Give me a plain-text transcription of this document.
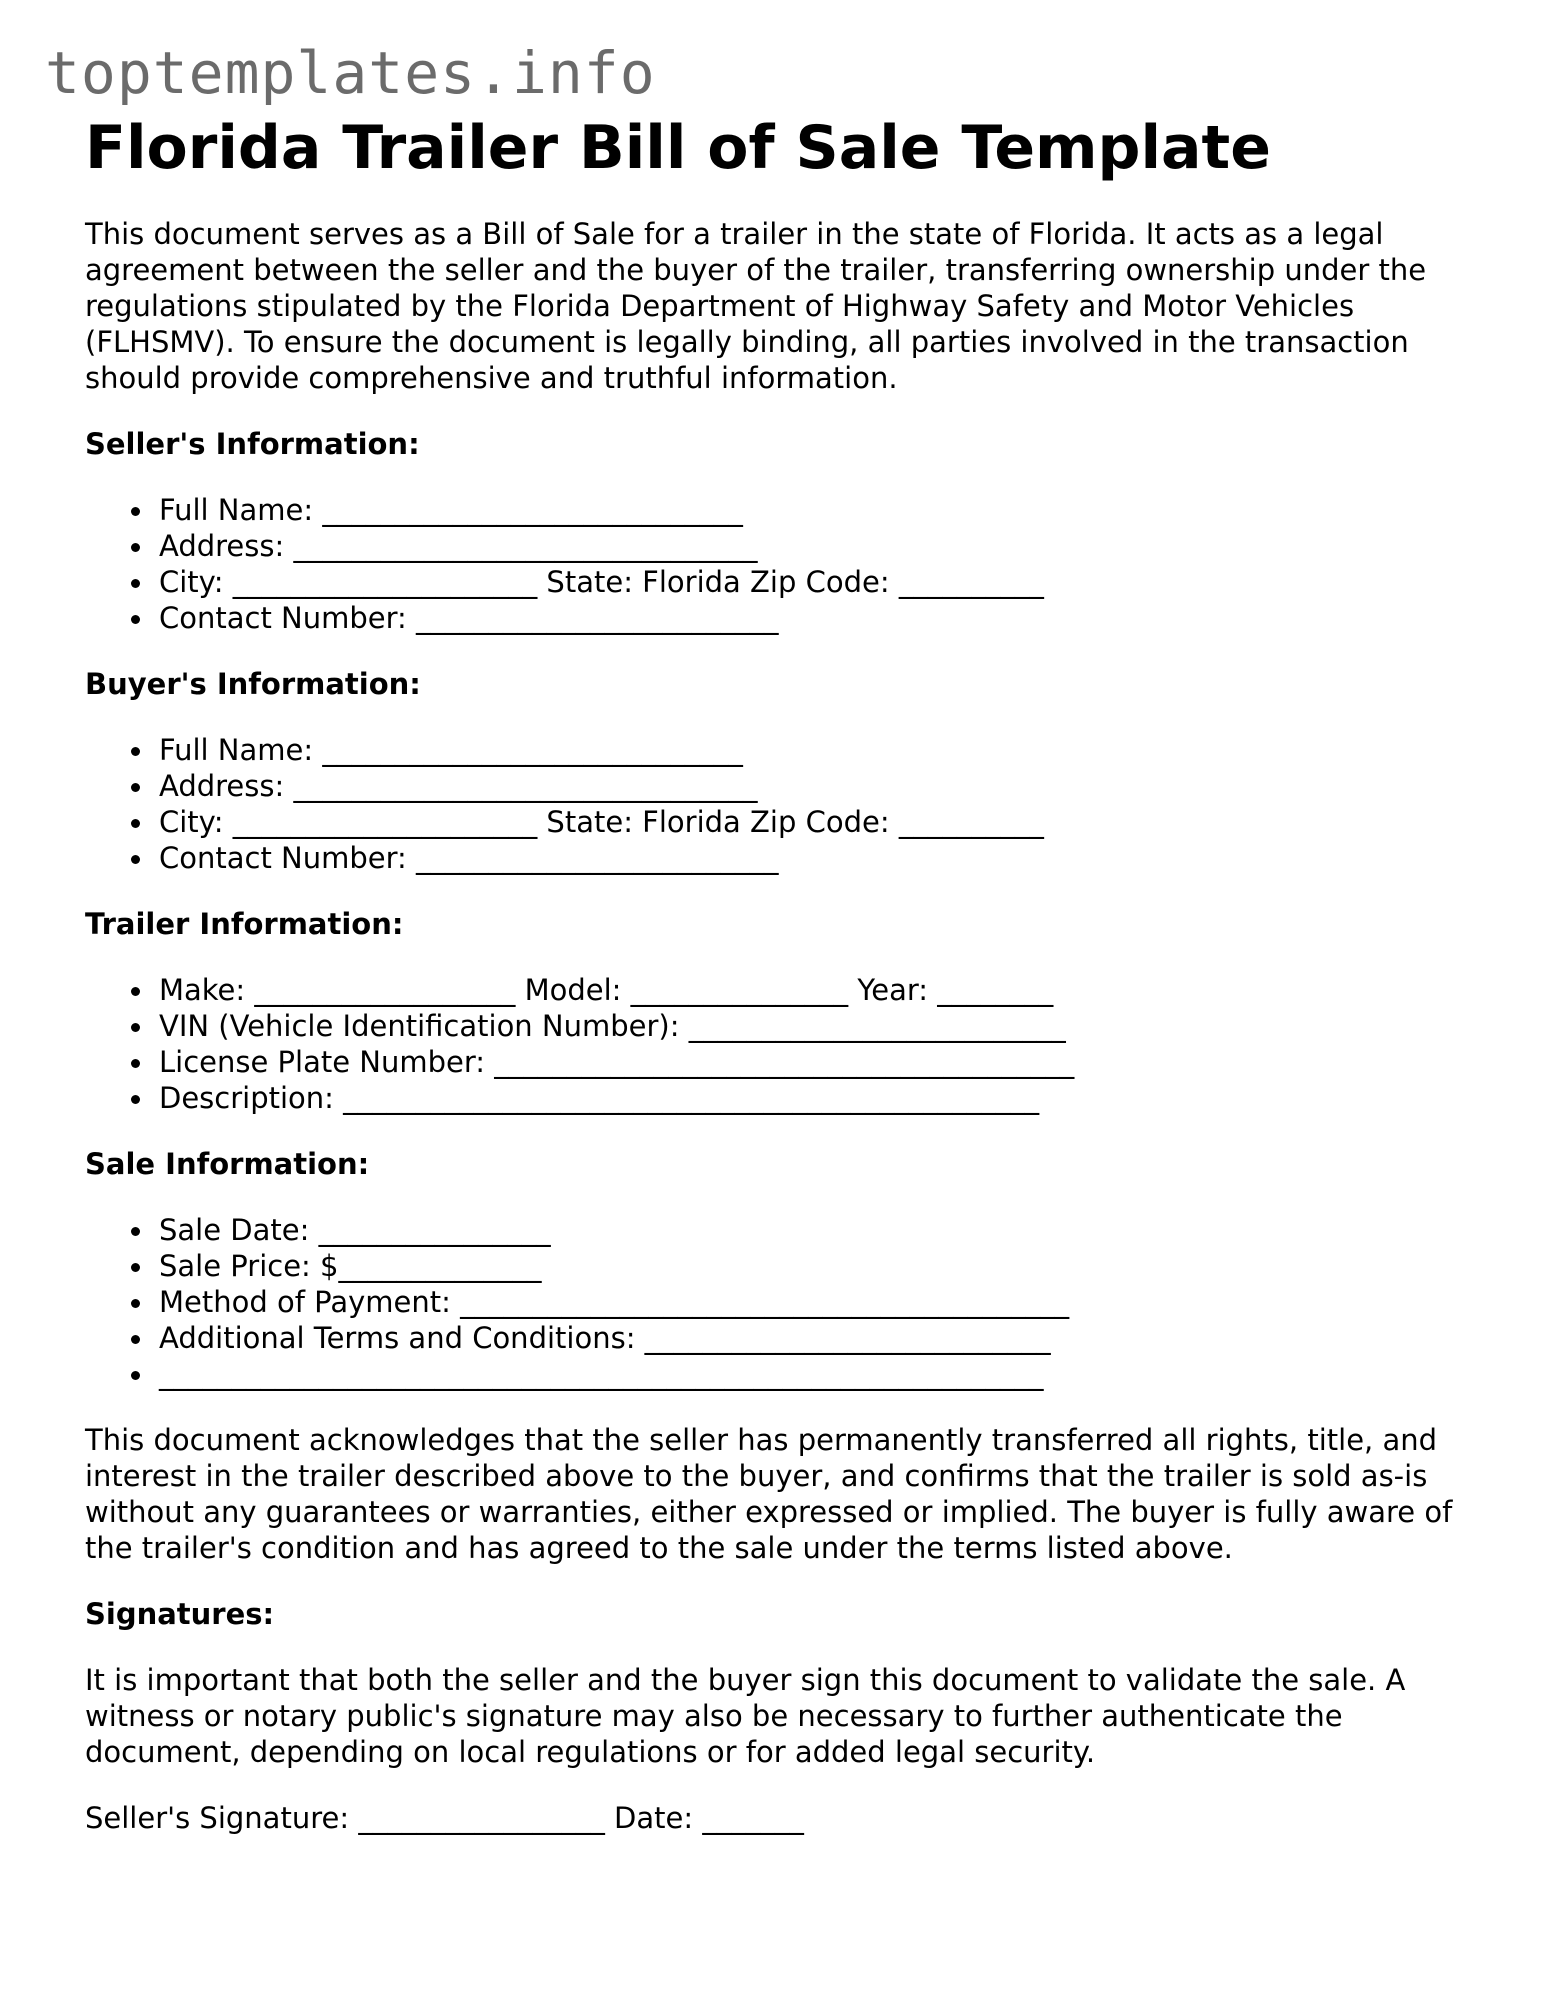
toptemplates.info
Florida Trailer Bill of Sale Template

This document serves as a Bill of Sale for a trailer in the state of Florida. It acts as a legal agreement between the seller and the buyer of the trailer, transferring ownership under the regulations stipulated by the Florida Department of Highway Safety and Motor Vehicles (FLHSMV). To ensure the document is legally binding, all parties involved in the transaction should provide comprehensive and truthful information.

Seller's Information:
Full Name: _____________________________
Address: ________________________________
City: _____________________ State: Florida Zip Code: __________
Contact Number: _________________________
Buyer's Information:
Full Name: _____________________________
Address: ________________________________
City: _____________________ State: Florida Zip Code: __________
Contact Number: _________________________
Trailer Information:
Make: __________________ Model: _______________ Year: ________
VIN (Vehicle Identification Number): __________________________
License Plate Number: ________________________________________
Description: ________________________________________________
Sale Information:
Sale Date: ________________
Sale Price: $______________
Method of Payment: __________________________________________
Additional Terms and Conditions: ____________________________
_____________________________________________________________

This document acknowledges that the seller has permanently transferred all rights, title, and interest in the trailer described above to the buyer, and confirms that the trailer is sold as-is without any guarantees or warranties, either expressed or implied. The buyer is fully aware of the trailer's condition and has agreed to the sale under the terms listed above.

Signatures:

It is important that both the seller and the buyer sign this document to validate the sale. A witness or notary public's signature may also be necessary to further authenticate the document, depending on local regulations or for added legal security.

Seller's Signature: _________________ Date: _______
